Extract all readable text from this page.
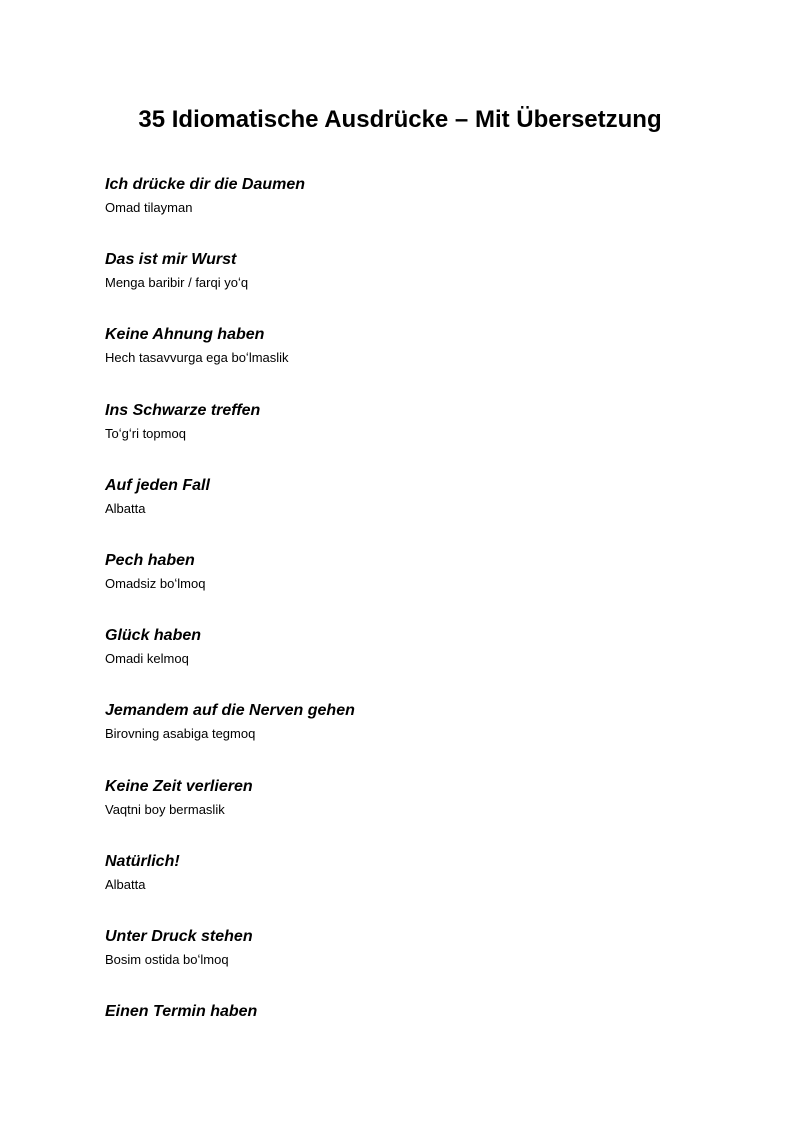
35 Idiomatische Ausdrücke – Mit Übersetzung
Ich drücke dir die Daumen
Omad tilayman
Das ist mir Wurst
Menga baribir / farqi yoʻq
Keine Ahnung haben
Hech tasavvurga ega boʻlmaslik
Ins Schwarze treffen
Toʻgʻri topmoq
Auf jeden Fall
Albatta
Pech haben
Omadsiz boʻlmoq
Glück haben
Omadi kelmoq
Jemandem auf die Nerven gehen
Birovning asabiga tegmoq
Keine Zeit verlieren
Vaqtni boy bermaslik
Natürlich!
Albatta
Unter Druck stehen
Bosim ostida boʻlmoq
Einen Termin haben
